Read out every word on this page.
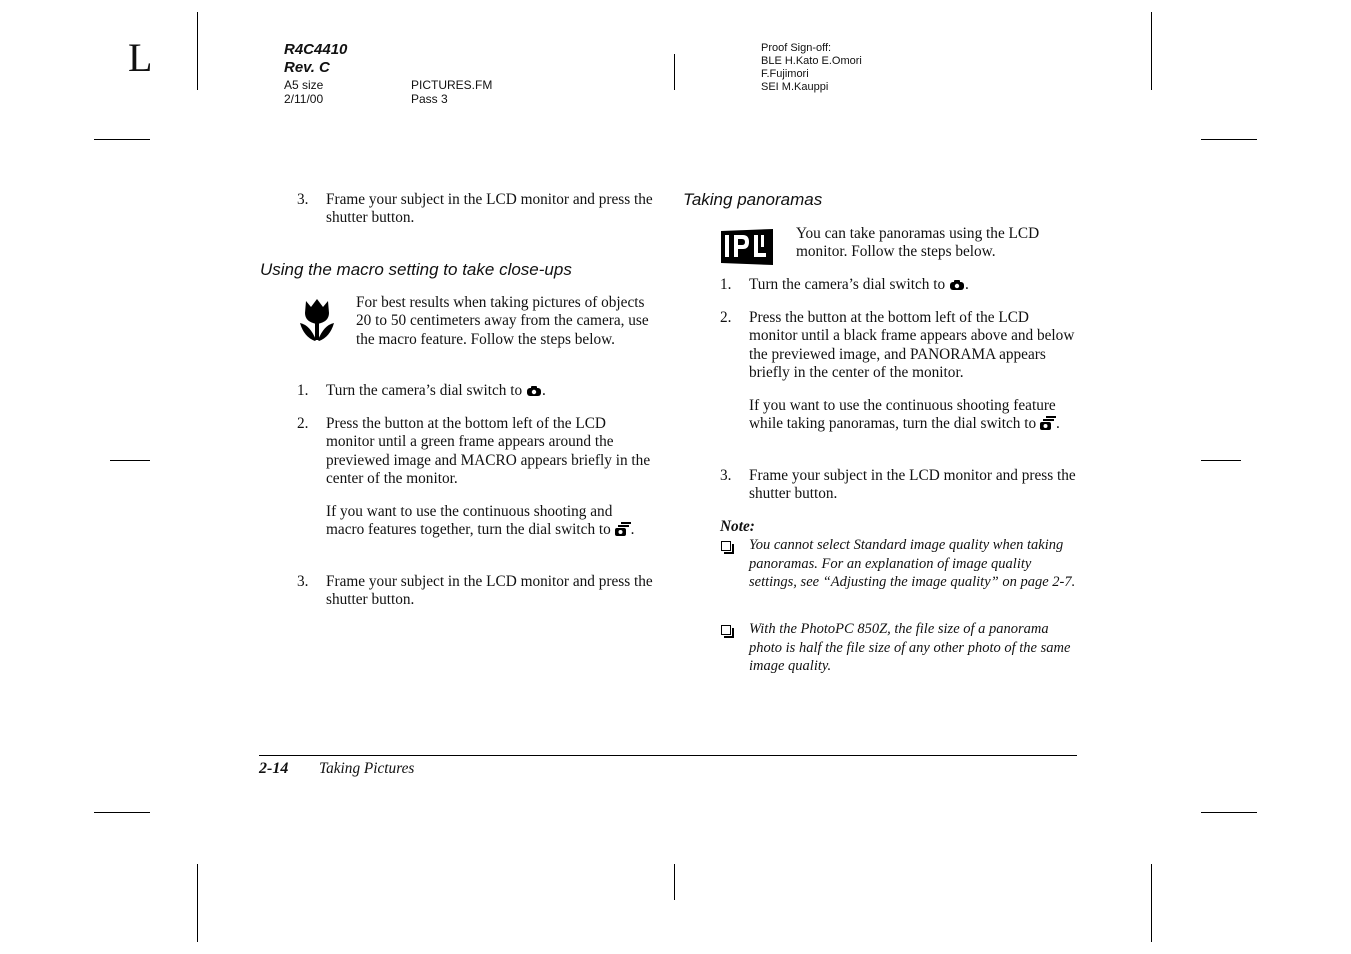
L	R4C4410
Rev. C
A5 size
2/11/00
PICTURES.FM
Pass 3
Proof Sign-off:
BLE H.Kato E.Omori
F.Fujimori
SEI M.Kauppi
3. Frame your subject in the LCD monitor and press the shutter button.
Using the macro setting to take close-ups
For best results when taking pictures of objects 20 to 50 centimeters away from the camera, use the macro feature. Follow the steps below.
1. Turn the camera’s dial switch to .
2. Press the button at the bottom left of the LCD monitor until a green frame appears around the previewed image and MACRO appears briefly in the center of the monitor.
If you want to use the continuous shooting and macro features together, turn the dial switch to .
3. Frame your subject in the LCD monitor and press the shutter button.
Taking panoramas
You can take panoramas using the LCD monitor. Follow the steps below.
1. Turn the camera’s dial switch to .
2. Press the button at the bottom left of the LCD monitor until a black frame appears above and below the previewed image, and PANORAMA appears briefly in the center of the monitor.
If you want to use the continuous shooting feature while taking panoramas, turn the dial switch to .
3. Frame your subject in the LCD monitor and press the shutter button.
Note:
You cannot select Standard image quality when taking panoramas. For an explanation of image quality settings, see “Adjusting the image quality” on page 2-7.
With the PhotoPC 850Z, the file size of a panorama photo is half the file size of any other photo of the same image quality.
2-14 Taking Pictures
